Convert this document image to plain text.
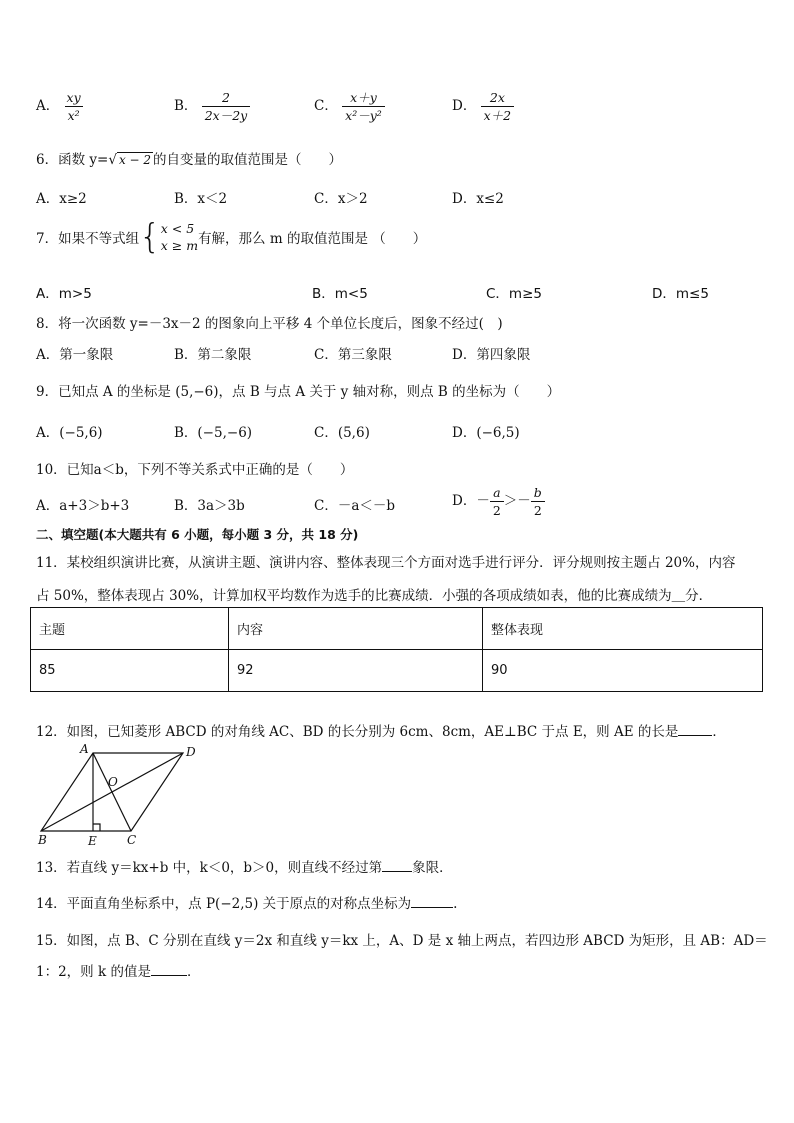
A． $\frac{xy}{\text{x²}}$	B． $\frac{2}{2x-2y}$	C． $\frac{x+y}{\text{x²－y²}}$	D． $\frac{2x}{x+2}$
6．函数 y=√ x − 2 的自变量的取值范围是（　　）
A．x≥2	B．x＜2	C．x＞2	D．x≤2
7．如果不等式组{ x < 5
x ≥ m 有解，那么 m 的取值范围是 （　　）
A．m>5	B．m<5	C．m≥5	D．m≤5
8．将一次函数 y=－3x－2 的图象向上平移 4 个单位长度后，图象不经过(　)
A．第一象限	B．第二象限	C．第三象限	D．第四象限
9．已知点 A 的坐标是 (5,−6)，点 B 与点 A 关于 y 轴对称，则点 B 的坐标为（　　）
A．(−5,6)	B．(−5,−6)	C．(5,6)	D．(−6,5)
10．已知a＜b，下列不等关系式中正确的是（　　）
A．a+3＞b+3	B．3a＞3b	C．－a＜－b	D．－ $\frac{a}{2} >- \frac{b}{2}$
二、填空题(本大题共有 6 小题，每小题 3 分，共 18 分)
11．某校组织演讲比赛，从演讲主题、演讲内容、整体表现三个方面对选手进行评分．评分规则按主题占 20%，内容
占 50%，整体表现占 30%，计算加权平均数作为选手的比赛成绩．小强的各项成绩如表，他的比赛成绩为＿分．
主题	内容	整体表现
85	92	90
12．如图，已知菱形 ABCD 的对角线 AC、BD 的长分别为 6cm、8cm，AE⊥BC 于点 E，则 AE 的长是	．
A	D
B	C
E
O
13．若直线 y＝kx+b 中，k＜0，b＞0，则直线不经过第 象限．
14．平面直角坐标系中，点 P(−2,5) 关于原点的对称点坐标为	.
15．如图，点 B、C 分别在直线 y＝2x 和直线 y＝kx 上，A、D 是 x 轴上两点，若四边形 ABCD 为矩形，且 AB：AD＝
1：2，则 k 的值是	．
